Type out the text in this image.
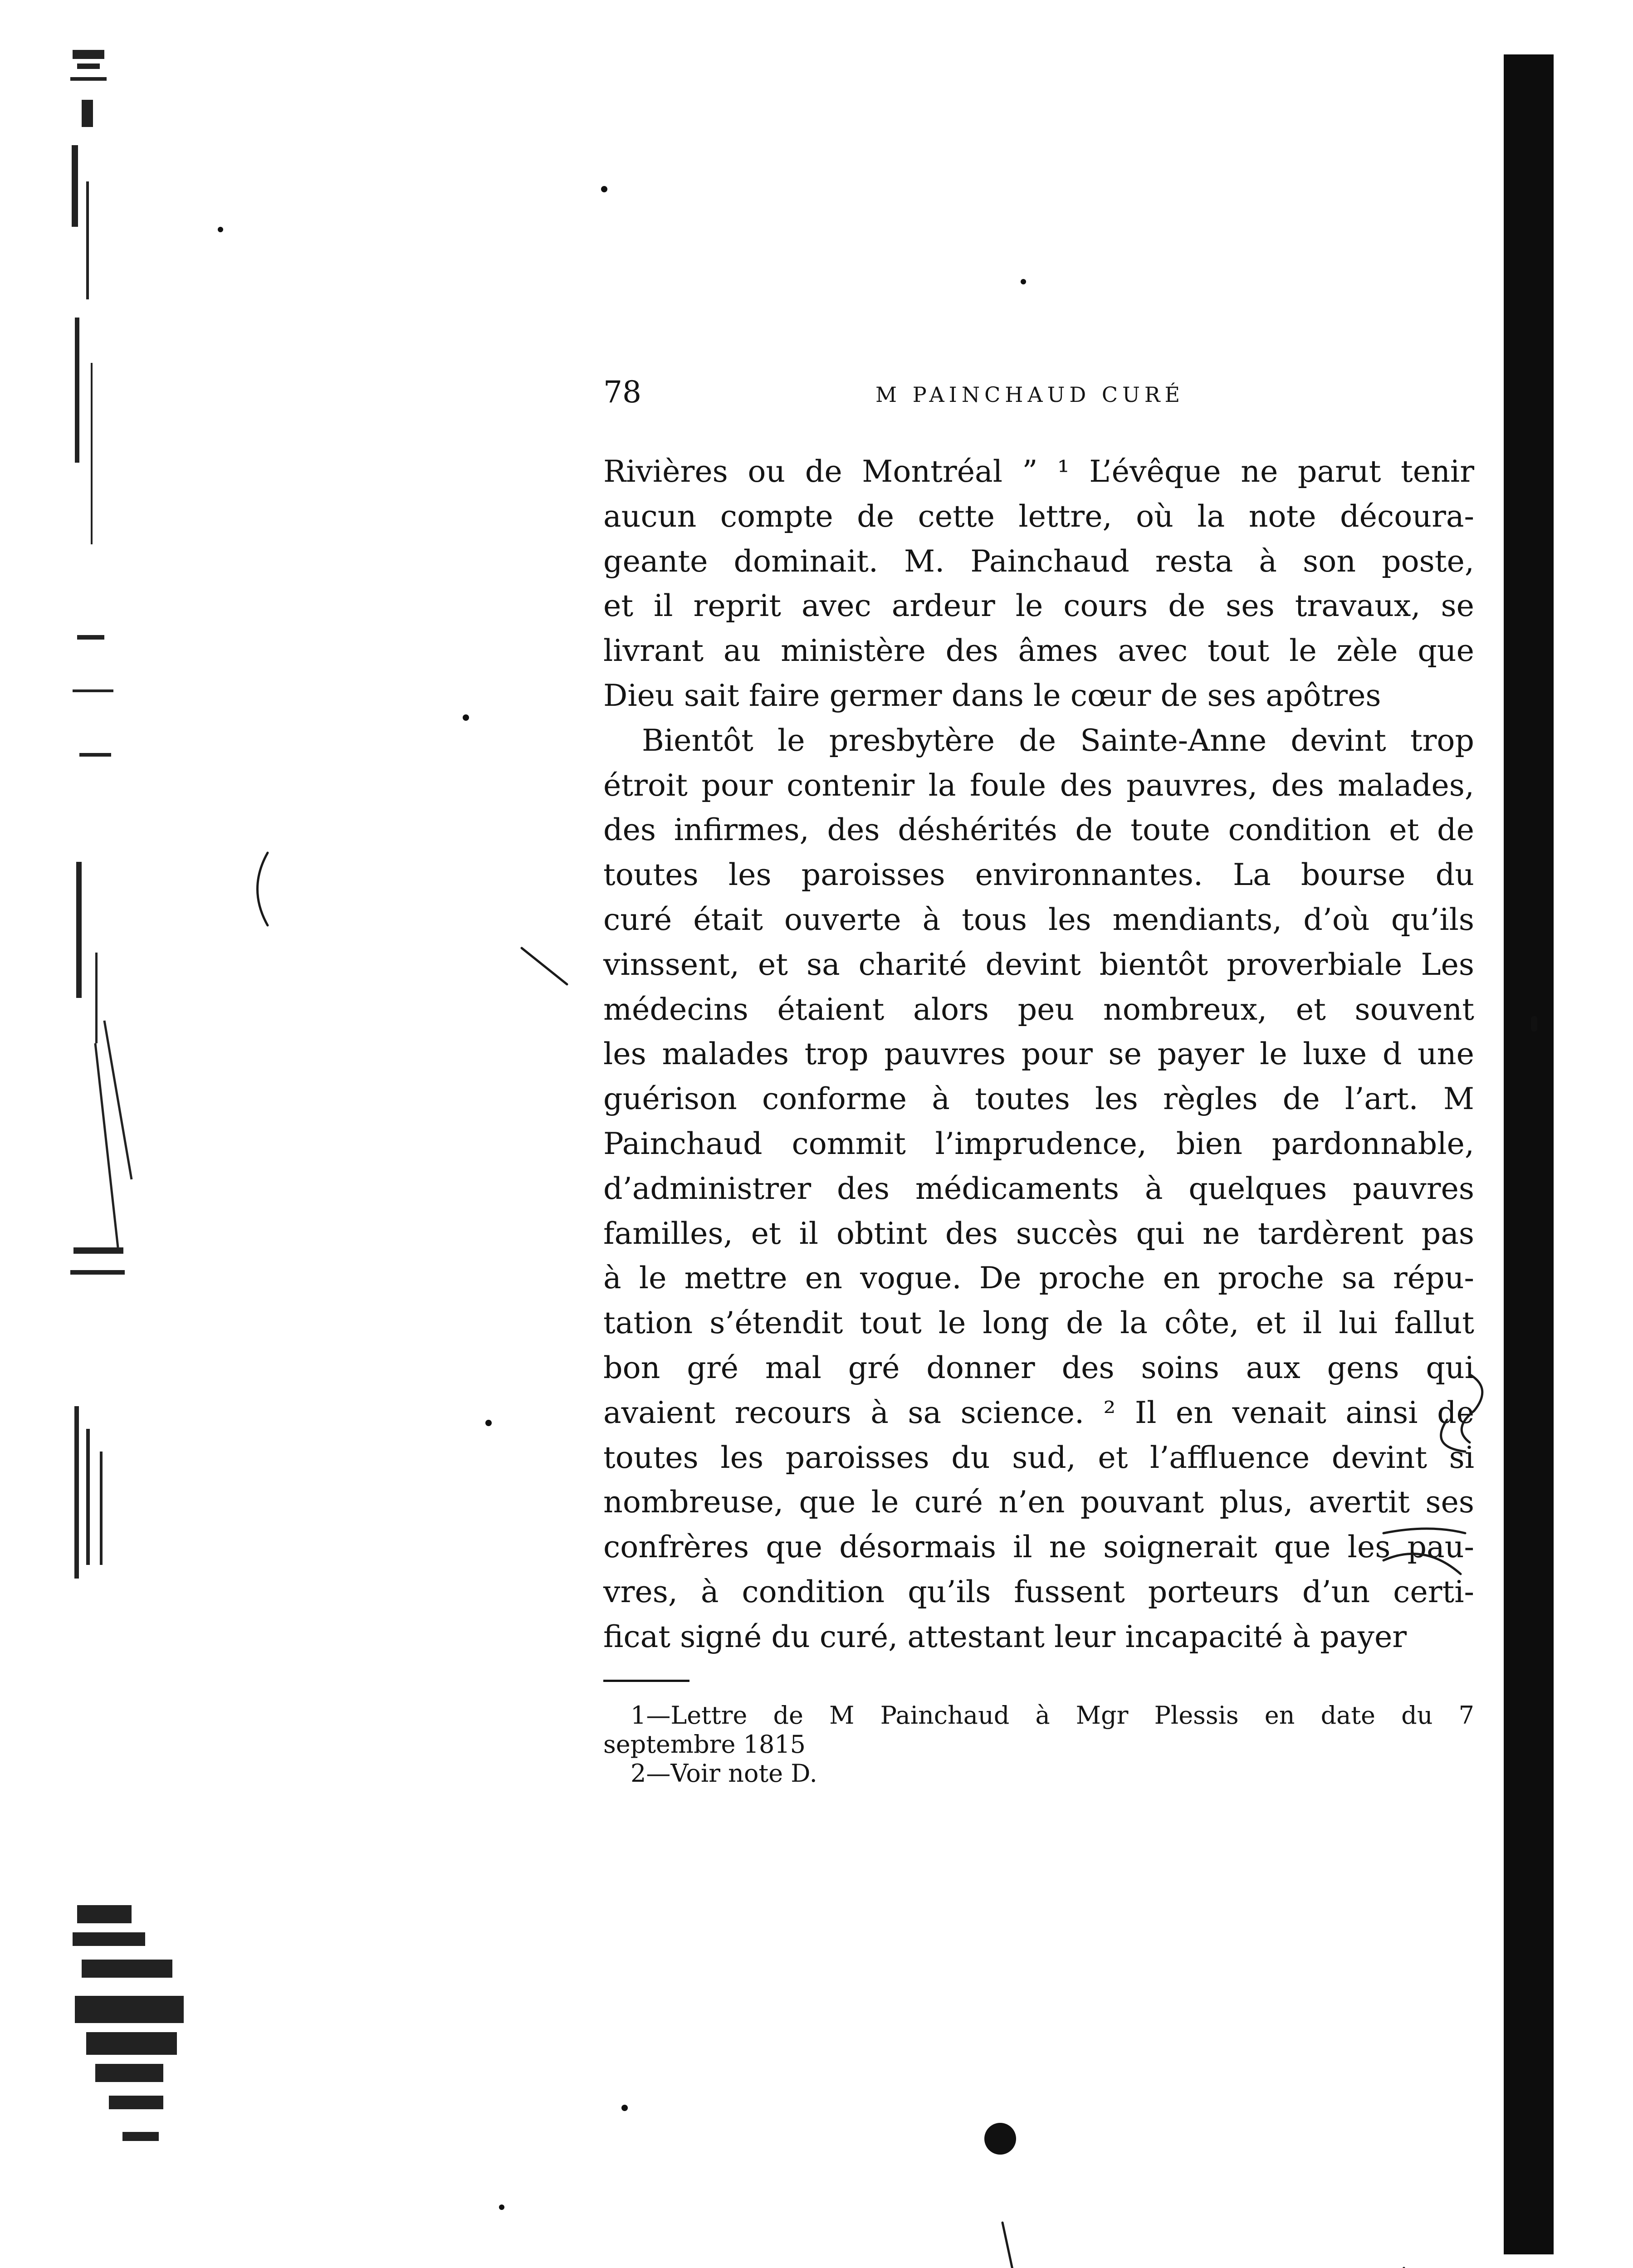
78	M PAINCHAUD CURÉ

Rivières ou de Montréal ” ¹ L’évêque ne parut tenir
aucun compte de cette lettre, où la note découra-
geante dominait. M. Painchaud resta à son poste,
et il reprit avec ardeur le cours de ses travaux, se
livrant au ministère des âmes avec tout le zèle que
Dieu sait faire germer dans le cœur de ses apôtres

Bientôt le presbytère de Sainte-Anne devint trop
étroit pour contenir la foule des pauvres, des malades,
des infirmes, des déshérités de toute condition et de
toutes les paroisses environnantes. La bourse du
curé était ouverte à tous les mendiants, d’où qu’ils
vinssent, et sa charité devint bientôt proverbiale Les
médecins étaient alors peu nombreux, et souvent
les malades trop pauvres pour se payer le luxe d une
guérison conforme à toutes les règles de l’art. M
Painchaud commit l’imprudence, bien pardonnable,
d’administrer des médicaments à quelques pauvres
familles, et il obtint des succès qui ne tardèrent pas
à le mettre en vogue. De proche en proche sa répu-
tation s’étendit tout le long de la côte, et il lui fallut
bon gré mal gré donner des soins aux gens qui
avaient recours à sa science. ² Il en venait ainsi de
toutes les paroisses du sud, et l’affluence devint si
nombreuse, que le curé n’en pouvant plus, avertit ses
confrères que désormais il ne soignerait que les pau-
vres, à condition qu’ils fussent porteurs d’un certi-
ficat signé du curé, attestant leur incapacité à payer

1—Lettre de M Painchaud à Mgr Plessis en date du 7
septembre 1815
2—Voir note D.
